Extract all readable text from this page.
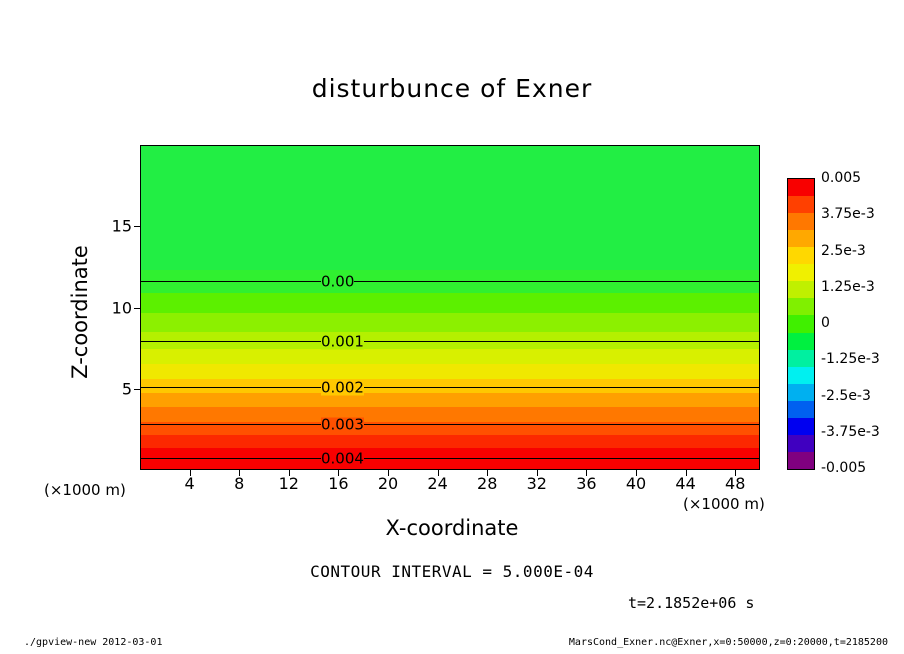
disturbunce of Exner
0.004
0.003
0.002
0.001
0.00
(×1000 m)
(×1000 m)
X-coordinate
Z-coordinate
CONTOUR INTERVAL = 5.000E-04
t=2.1852e+06 s
0.005
3.75e-3
2.5e-3
1.25e-3
0
-1.25e-3
-2.5e-3
-3.75e-3
-0.005
./gpview-new 2012-03-01	MarsCond_Exner.nc@Exner,x=0:50000,z=0:20000,t=2185200
4 8 12 16 20 24 28 32 36 40 44 48
5
10
15
